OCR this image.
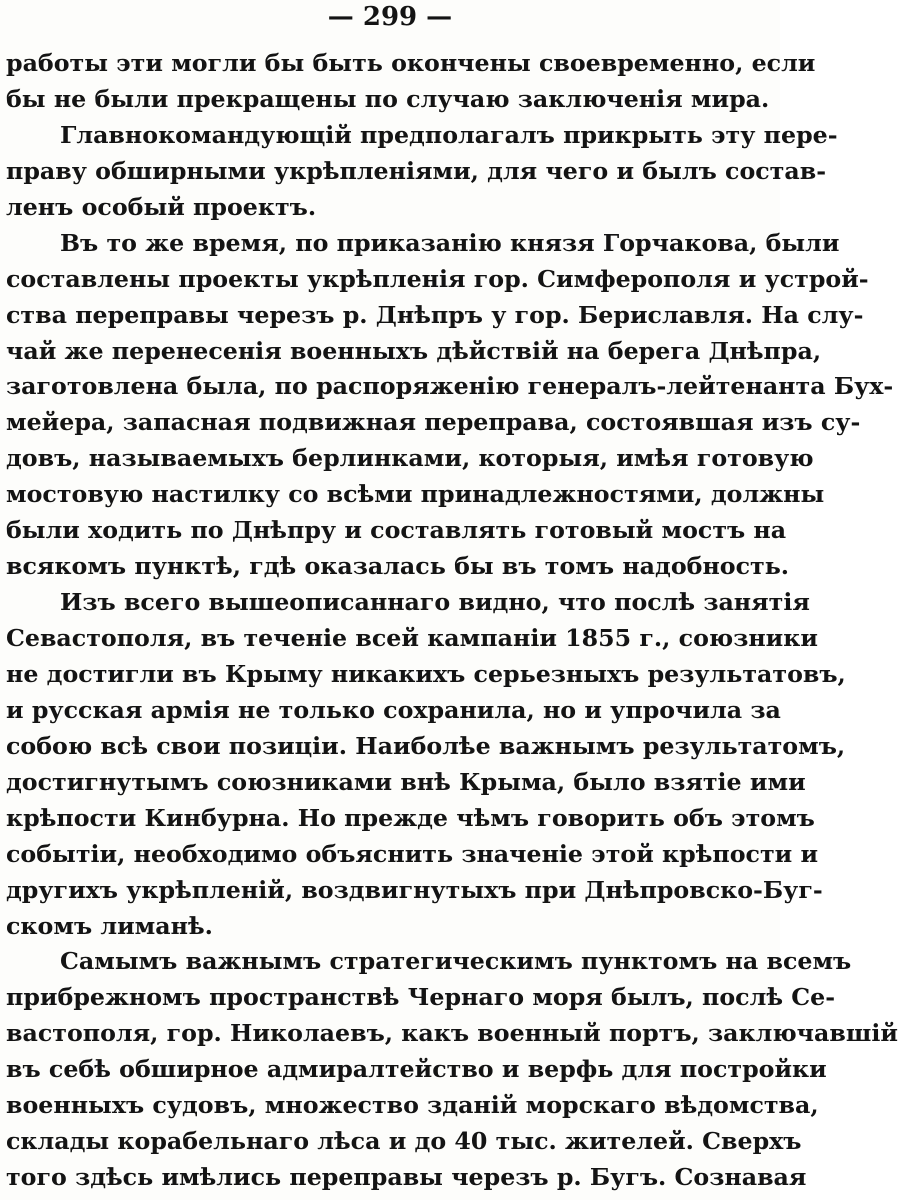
— 299 —
работы эти могли бы быть окончены своевременно, если
бы не были прекращены по случаю заключенія мира.
Главнокомандующій предполагалъ прикрыть эту пере-
праву обширными укрѣпленіями, для чего и былъ состав-
ленъ особый проектъ.
Въ то же время, по приказанію князя Горчакова, были
составлены проекты укрѣпленія гор. Симферополя и устрой-
ства переправы черезъ р. Днѣпръ у гор. Бериславля. На слу-
чай же перенесенія военныхъ дѣйствій на берега Днѣпра,
заготовлена была, по распоряженію генералъ-лейтенанта Бух-
мейера, запасная подвижная переправа, состоявшая изъ су-
довъ, называемыхъ берлинками, которыя, имѣя готовую
мостовую настилку со всѣми принадлежностями, должны
были ходить по Днѣпру и составлять готовый мостъ на
всякомъ пунктѣ, гдѣ оказалась бы въ томъ надобность.
Изъ всего вышеописаннаго видно, что послѣ занятія
Севастополя, въ теченіе всей кампаніи 1855 г., союзники
не достигли въ Крыму никакихъ серьезныхъ результатовъ,
и русская армія не только сохранила, но и упрочила за
собою всѣ свои позиціи. Наиболѣе важнымъ результатомъ,
достигнутымъ союзниками внѣ Крыма, было взятіе ими
крѣпости Кинбурна. Но прежде чѣмъ говорить объ этомъ
событіи, необходимо объяснить значеніе этой крѣпости и
другихъ укрѣпленій, воздвигнутыхъ при Днѣпровско-Буг-
скомъ лиманѣ.
Самымъ важнымъ стратегическимъ пунктомъ на всемъ
прибрежномъ пространствѣ Чернаго моря былъ, послѣ Се-
вастополя, гор. Николаевъ, какъ военный портъ, заключавшій
въ себѣ обширное адмиралтейство и верфь для постройки
военныхъ судовъ, множество зданій морскаго вѣдомства,
склады корабельнаго лѣса и до 40 тыс. жителей. Сверхъ
того здѣсь имѣлись переправы черезъ р. Бугъ. Сознавая
